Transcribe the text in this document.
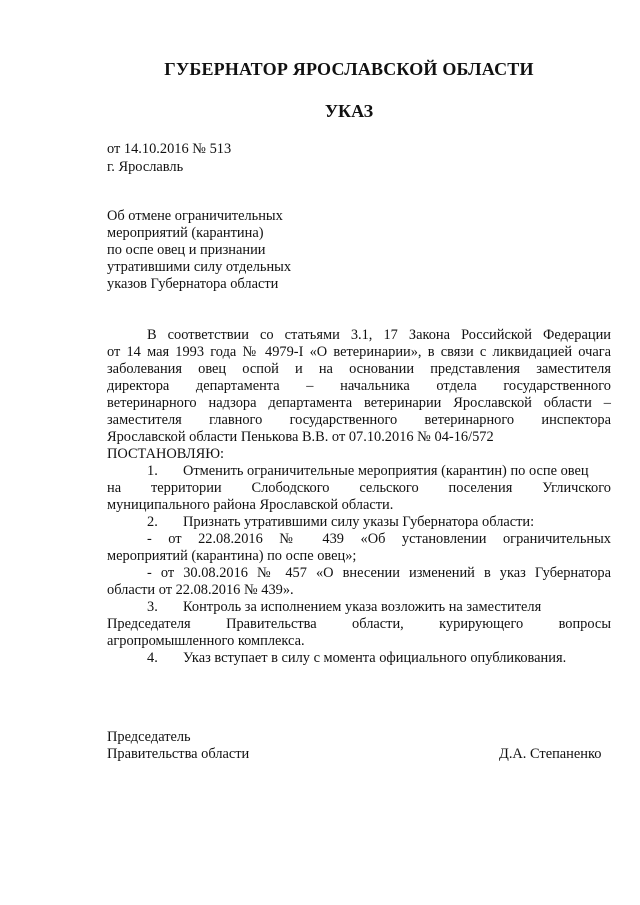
ГУБЕРНАТОР ЯРОСЛАВСКОЙ ОБЛАСТИ
УКАЗ
от 14.10.2016 № 513
г. Ярославль
Об отмене ограничительных
мероприятий (карантина)
по оспе овец и признании
утратившими силу отдельных
указов Губернатора области
В соответствии со статьями 3.1, 17 Закона Российской Федерации
от 14 мая 1993 года № 4979-I «О ветеринарии», в связи с ликвидацией очага
заболевания овец оспой и на основании представления заместителя
директора департамента – начальника отдела государственного
ветеринарного надзора департамента ветеринарии Ярославской области –
заместителя главного государственного ветеринарного инспектора
Ярославской области Пенькова В.В. от 07.10.2016 № 04-16/572
ПОСТАНОВЛЯЮ:
1. Отменить ограничительные мероприятия (карантин) по оспе овец
на территории Слободского сельского поселения Угличского
муниципального района Ярославской области.
2. Признать утратившими силу указы Губернатора области:
- от 22.08.2016 № 439 «Об установлении ограничительных
мероприятий (карантина) по оспе овец»;
- от 30.08.2016 № 457 «О внесении изменений в указ Губернатора
области от 22.08.2016 № 439».
3. Контроль за исполнением указа возложить на заместителя
Председателя Правительства области, курирующего вопросы
агропромышленного комплекса.
4. Указ вступает в силу с момента официального опубликования.
Председатель
Правительства области	Д.А. Степаненко
